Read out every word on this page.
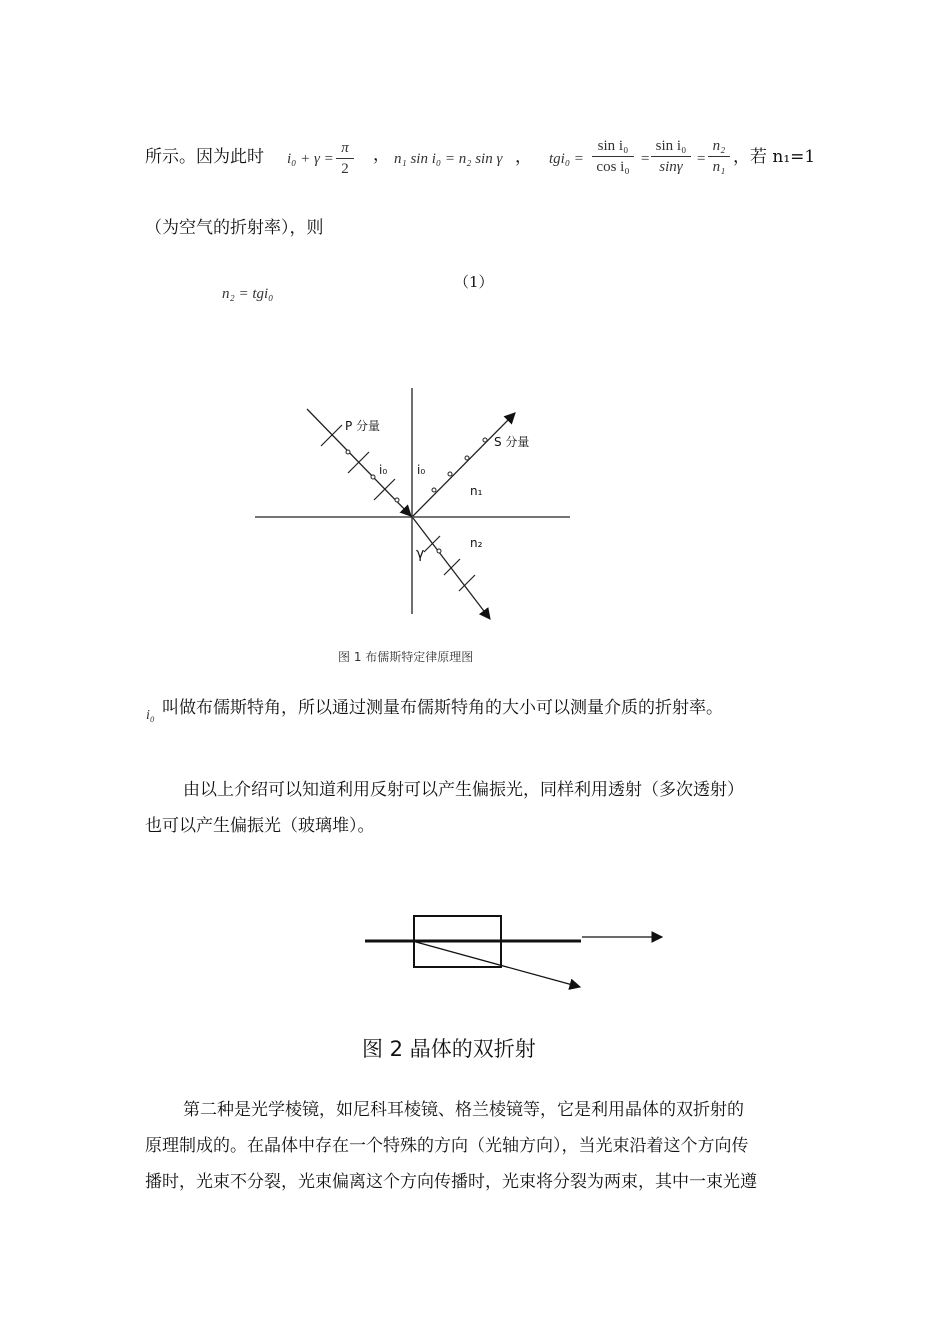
所示。因为此时 $i_0 + \gamma = \frac{\pi}{2}$ ， n₁ sin i₀ = n₂ sin γ ， $tgi_0 = \frac{\text{sin i₀}}{\text{cos i₀}} = \frac{\text{sin i₀}}{\sin\gamma} = \frac{\text{n₂}}{\text{n₁}}$ ，若 n₁=1
（为空气的折射率），则
n₂ = tgi₀
（1）
P 分量
S 分量
i₀ i₀
n₁
n₂
γ
图 1 布儒斯特定律原理图
i₀ 叫做布儒斯特角，所以通过测量布儒斯特角的大小可以测量介质的折射率。
由以上介绍可以知道利用反射可以产生偏振光，同样利用透射（多次透射）
也可以产生偏振光（玻璃堆）。
图 2 晶体的双折射
第二种是光学棱镜，如尼科耳棱镜、格兰棱镜等，它是利用晶体的双折射的
原理制成的。在晶体中存在一个特殊的方向（光轴方向），当光束沿着这个方向传
播时，光束不分裂，光束偏离这个方向传播时，光束将分裂为两束，其中一束光遵
